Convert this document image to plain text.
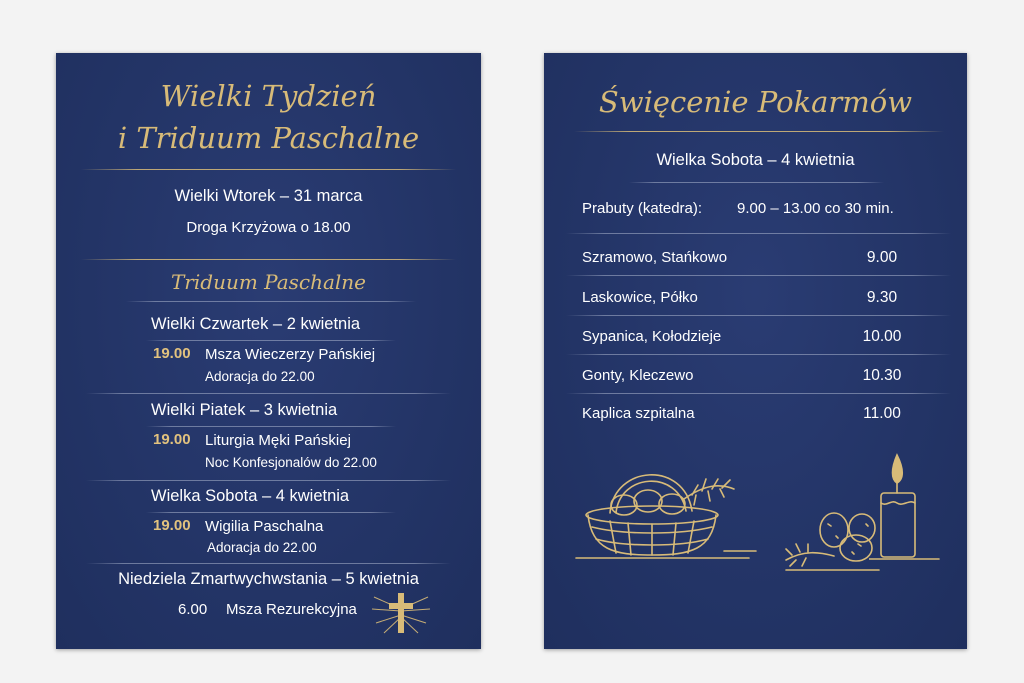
Wielki Tydzień
i Triduum Paschalne
Wielki Wtorek – 31 marca
Droga Krzyżowa o 18.00
Triduum Paschalne
Wielki Czwartek – 2 kwietnia
19.00 Msza Wieczerzy Pańskiej
Adoracja do 22.00
Wielki Piatek – 3 kwietnia
19.00 Liturgia Męki Pańskiej
Noc Konfesjonalów do 22.00
Wielka Sobota – 4 kwietnia
19.00 Wigilia Paschalna
Adoracja do 22.00
Niedziela Zmartwychwstania – 5 kwietnia
6.00 Msza Rezurekcyjna
Święcenie Pokarmów
Wielka Sobota – 4 kwietnia
Prabuty (katedra): 9.00 – 13.00 co 30 min.
Szramowo, Stańkowo	9.00
Laskowice, Półko	9.30
Sypanica, Kołodzieje	10.00
Gonty, Kleczewo	10.30
Kaplica szpitalna	11.00
